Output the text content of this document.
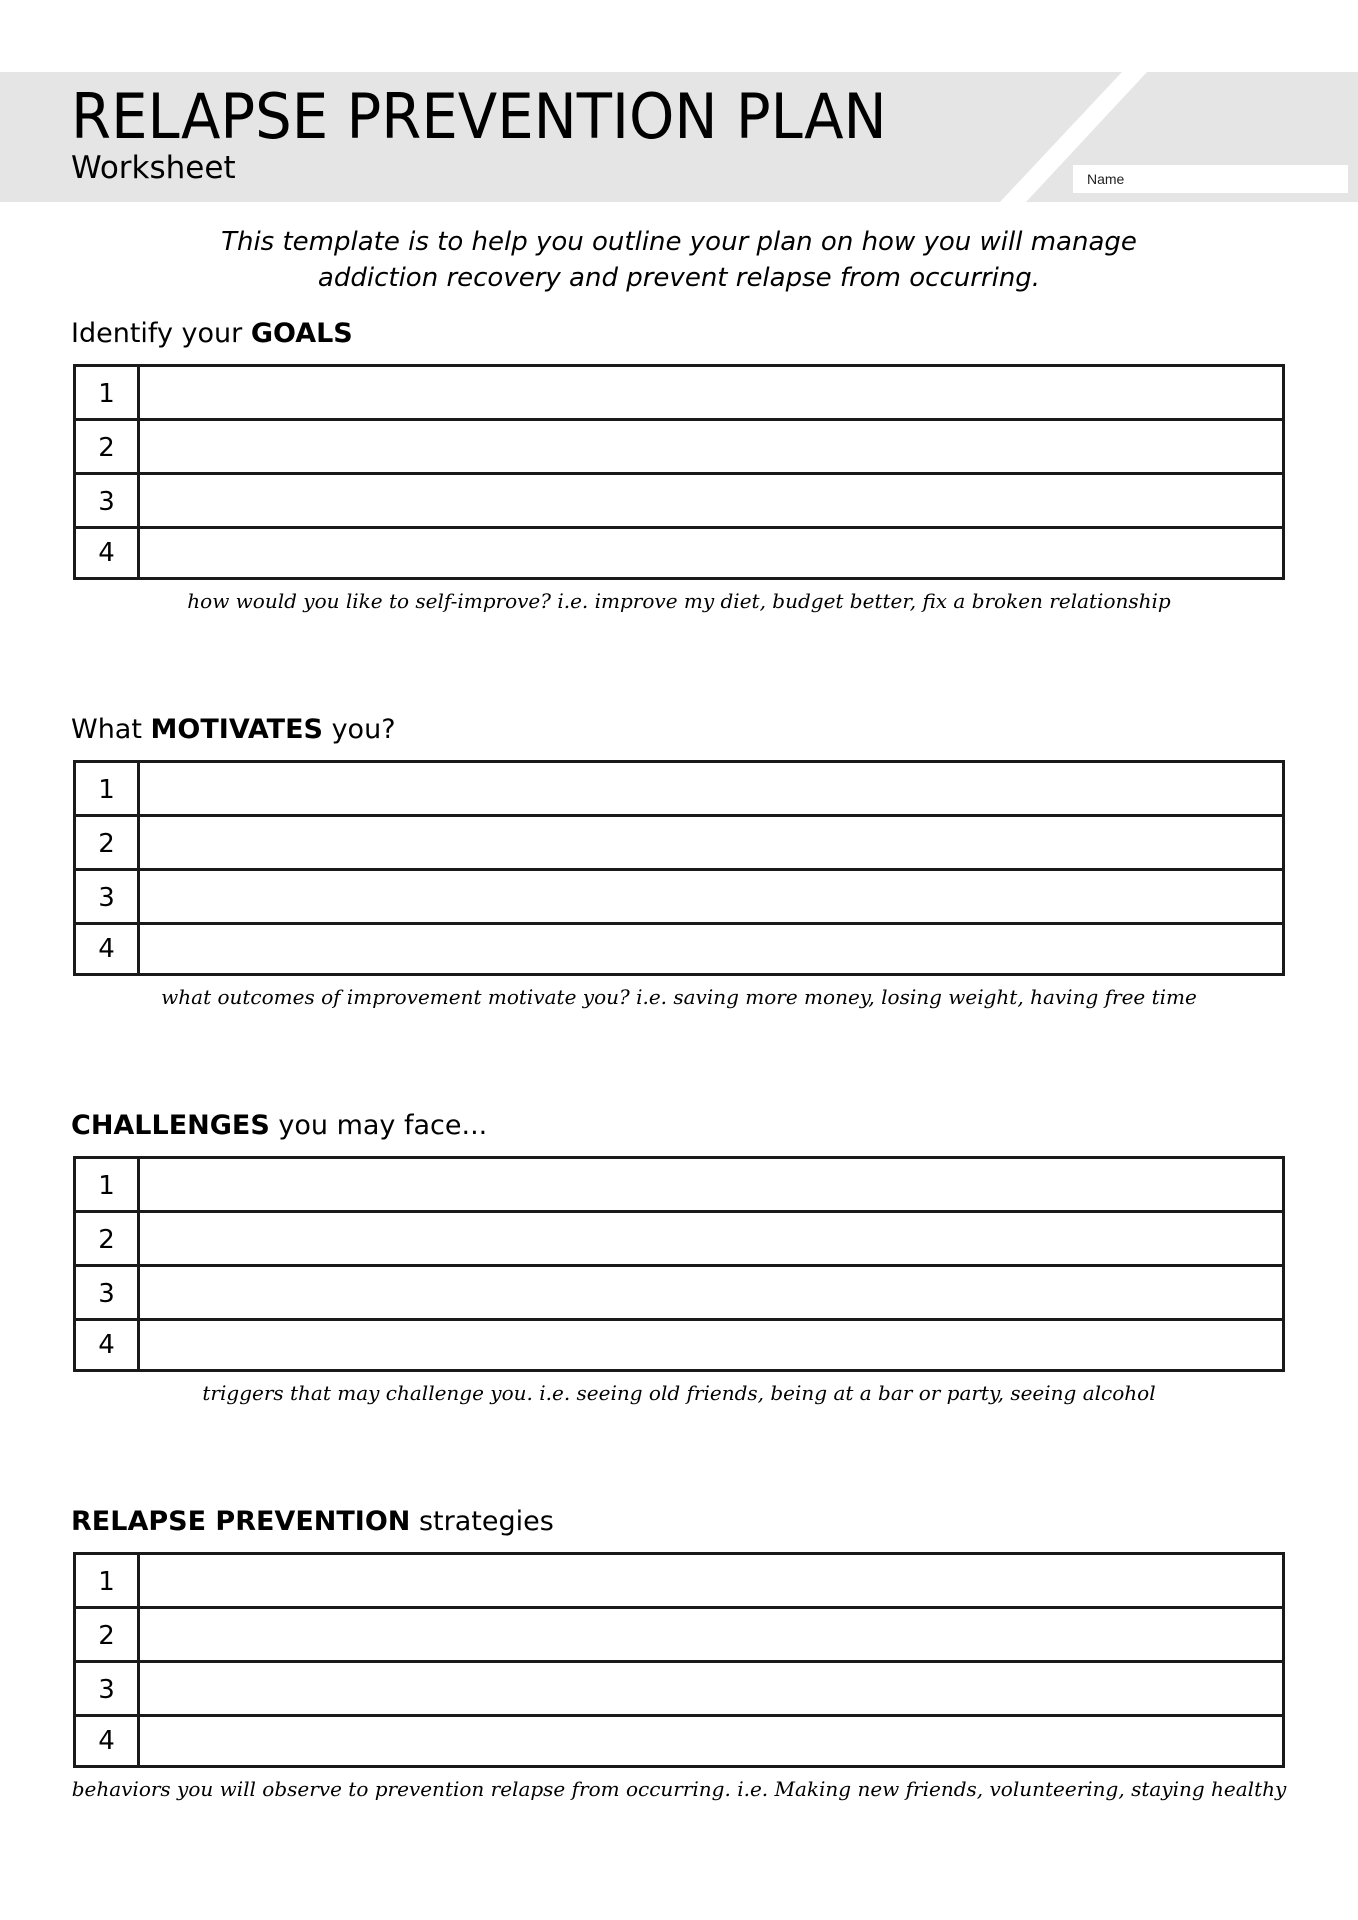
RELAPSE PREVENTION PLAN
Worksheet	Name
This template is to help you outline your plan on how you will manage
addiction recovery and prevent relapse from occurring.
Identify your GOALS
1
2
3
4
how would you like to self-improve? i.e. improve my diet, budget better, fix a broken relationship
What MOTIVATES you?
1
2
3
4
what outcomes of improvement motivate you? i.e. saving more money, losing weight, having free time
CHALLENGES you may face...
1
2
3
4
triggers that may challenge you. i.e. seeing old friends, being at a bar or party, seeing alcohol
RELAPSE PREVENTION strategies
1
2
3
4
behaviors you will observe to prevention relapse from occurring. i.e. Making new friends, volunteering, staying healthy
